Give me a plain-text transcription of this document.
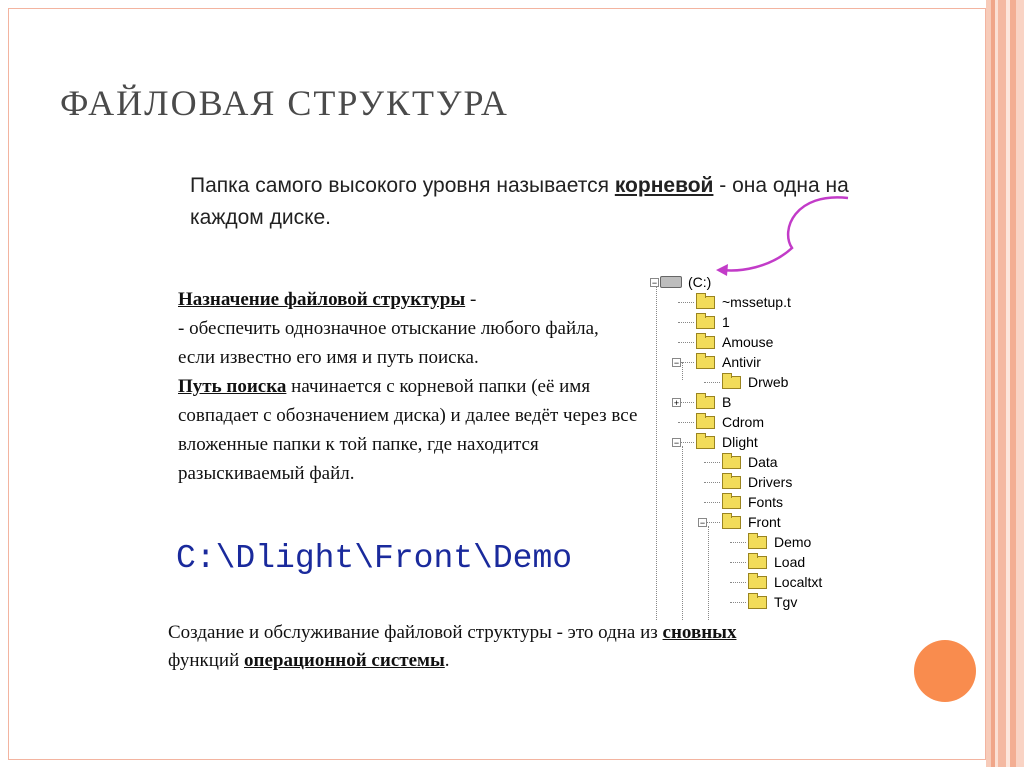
ФАЙЛОВАЯ СТРУКТУРА
Папка самого высокого уровня называется корневой - она одна на каждом диске.
Назначение файловой структуры -
- обеспечить однозначное отыскание любого файла, если известно его имя и путь поиска.
Путь поиска начинается с корневой папки (её имя совпадает с обозначением диска) и далее ведёт через все вложенные папки к той папке, где находится разыскиваемый файл.
C:\Dlight\Front\Demo
Создание и обслуживание файловой структуры - это одна из сновных функций операционной системы.
(C:)
−
~mssetup.t
1
Amouse
Antivir
−
Drweb
B
+
Cdrom
Dlight
−
Data
Drivers
Fonts
Front
−
Demo
Load
Localtxt
Tgv
